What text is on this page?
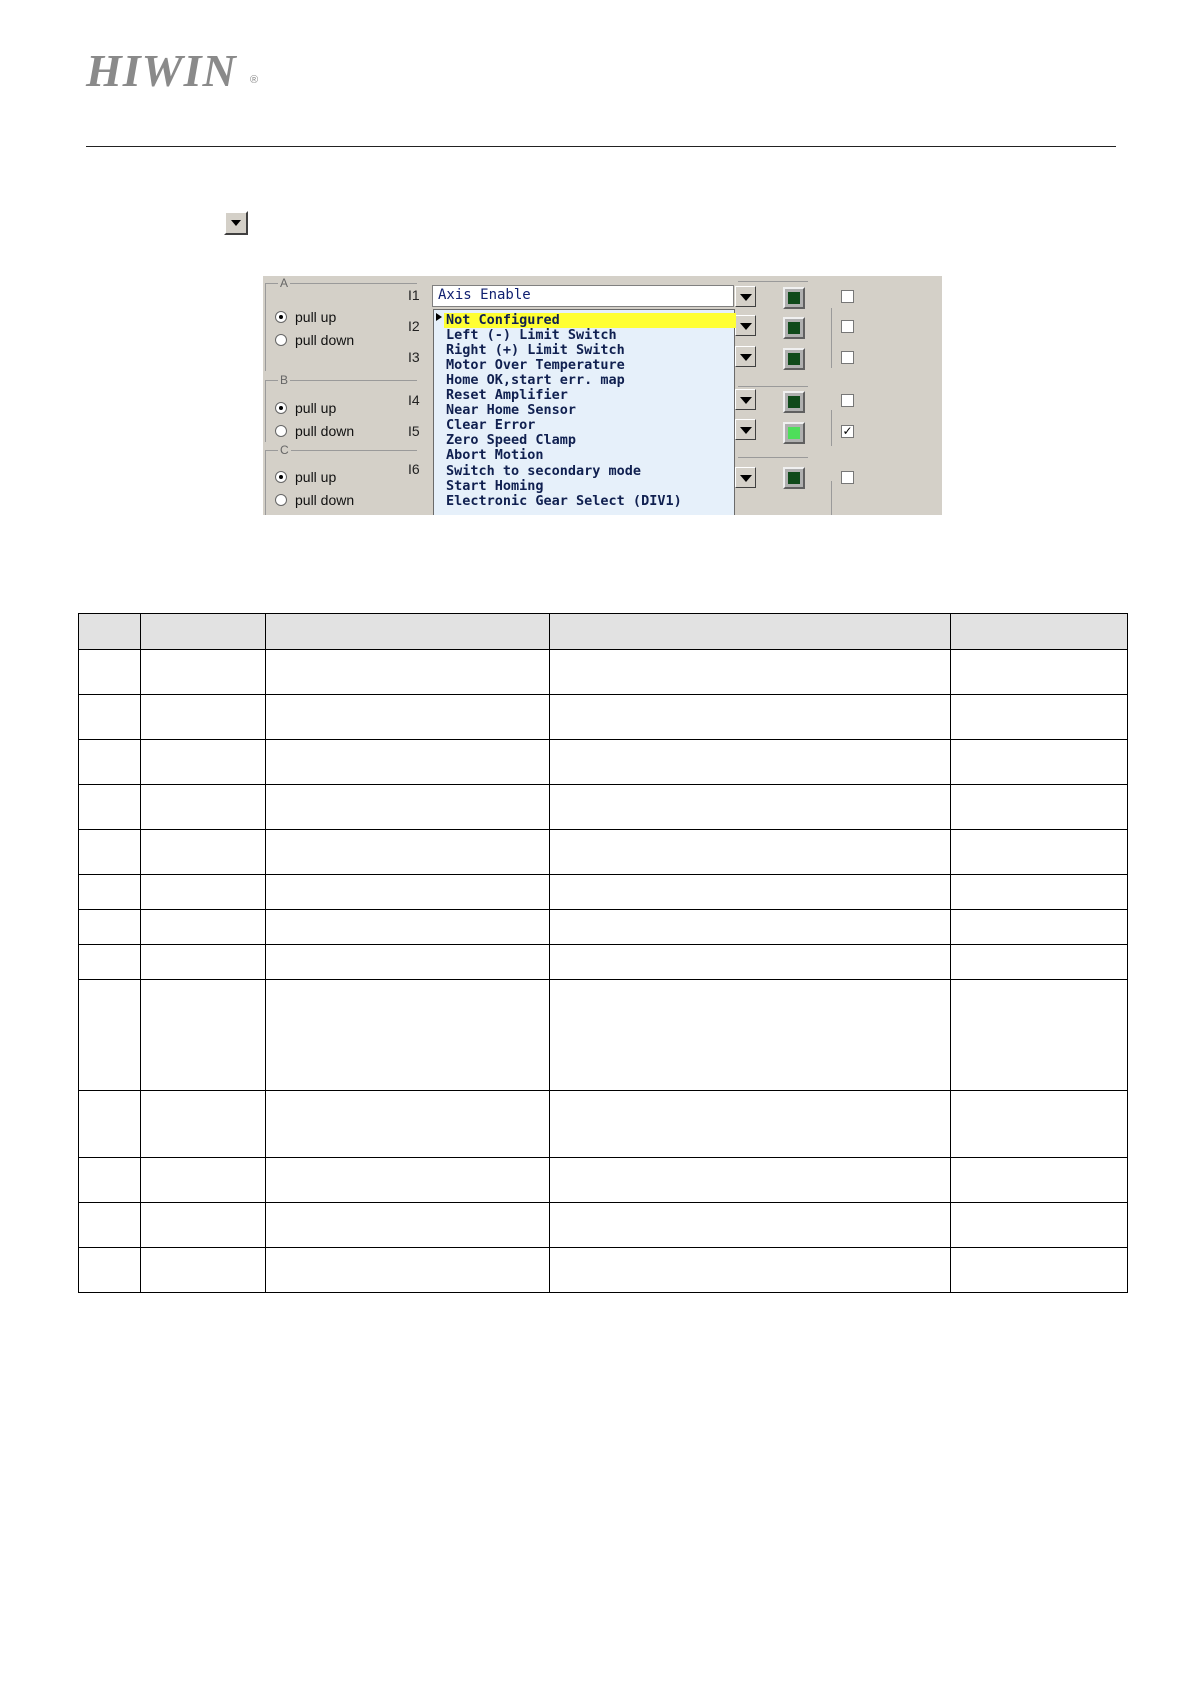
HIWIN ®
A
pull up
pull down
B
pull up
pull down
C
pull up
pull down
I1
I2
I3
I4
I5
I6
Axis Enable
✓
Not Configured
Left (-) Limit Switch
Right (+) Limit Switch
Motor Over Temperature
Home OK,start err. map
Reset Amplifier
Near Home Sensor
Clear Error
Zero Speed Clamp
Abort Motion
Switch to secondary mode
Start Homing
Electronic Gear Select (DIV1)
